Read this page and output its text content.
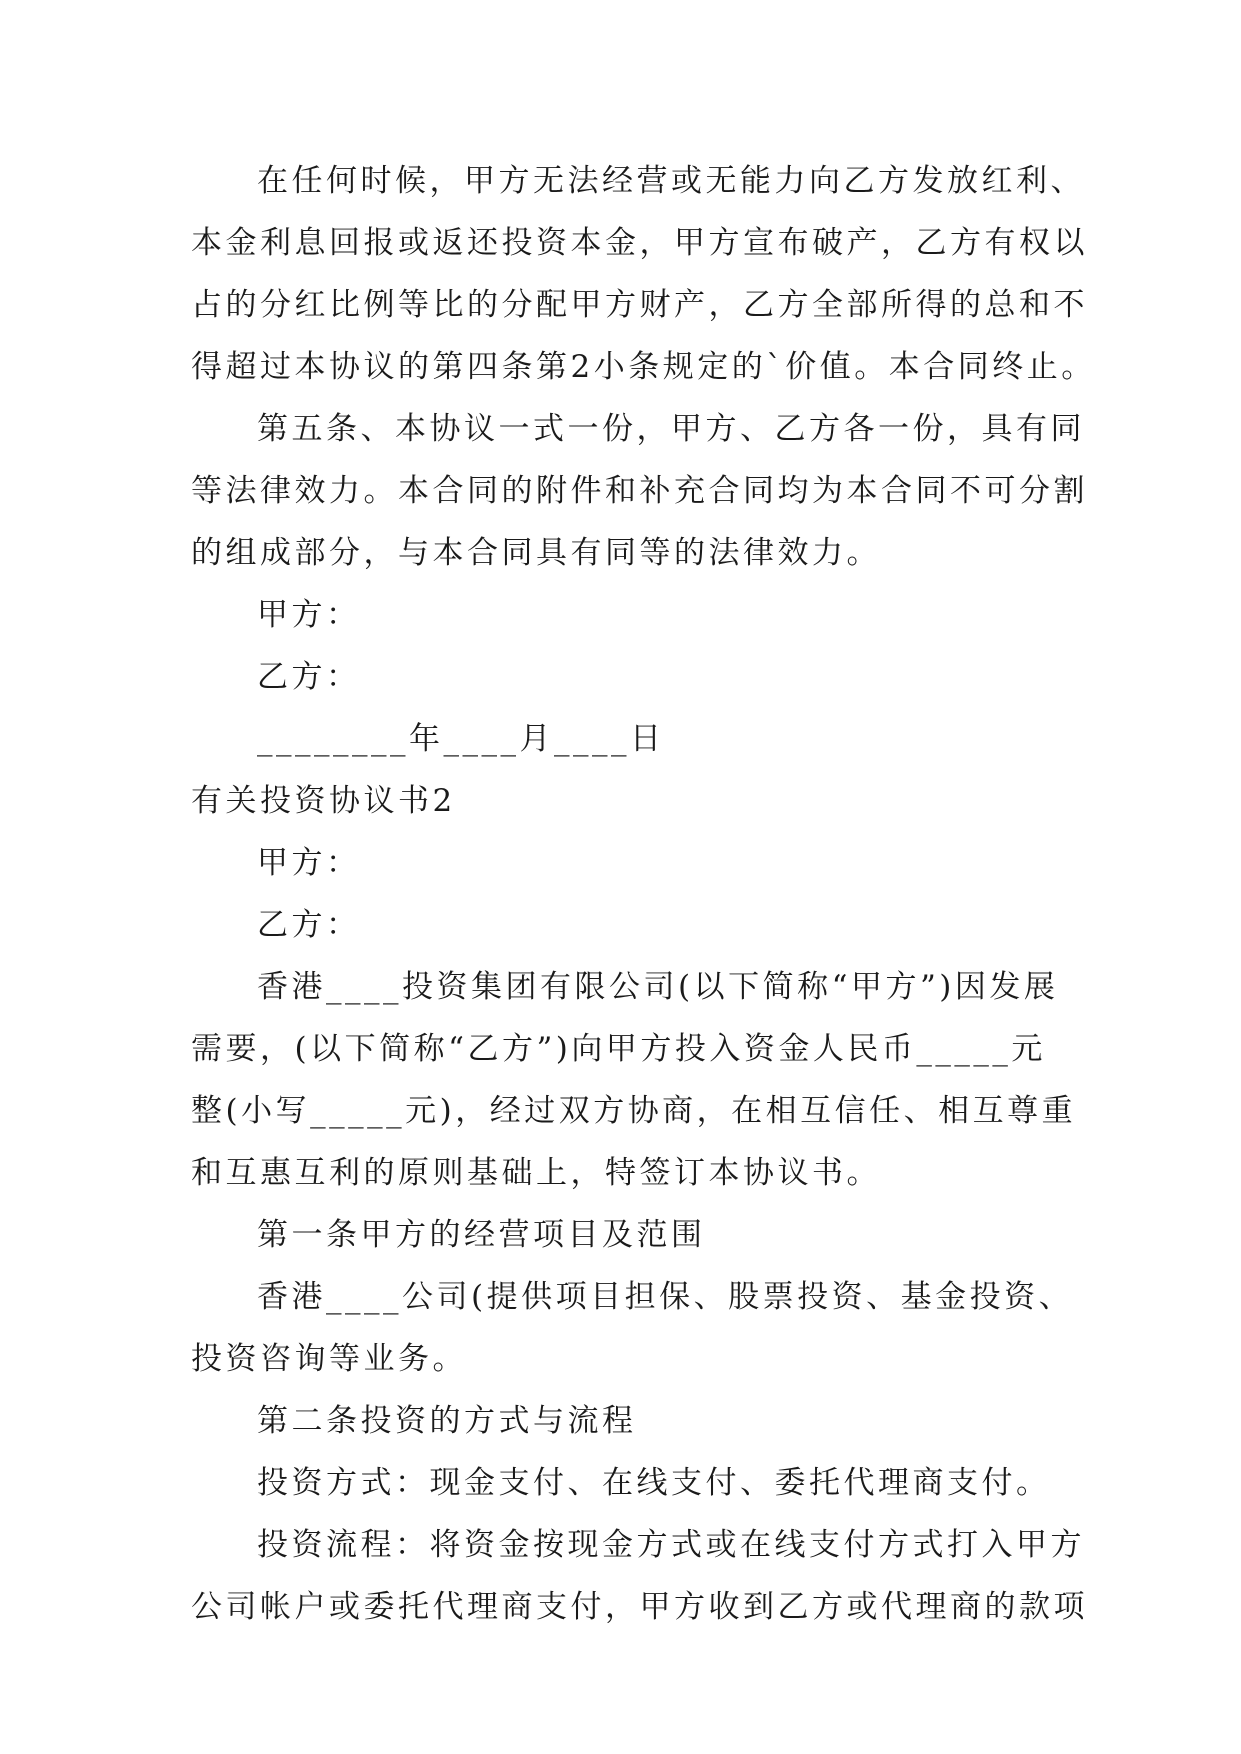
在任何时候，甲方无法经营或无能力向乙方发放红利、
本金利息回报或返还投资本金，甲方宣布破产，乙方有权以
占的分红比例等比的分配甲方财产，乙方全部所得的总和不
得超过本协议的第四条第2小条规定的`价值。本合同终止。
第五条、本协议一式一份，甲方、乙方各一份，具有同
等法律效力。本合同的附件和补充合同均为本合同不可分割
的组成部分，与本合同具有同等的法律效力。
甲方：
乙方：
________年____月____日
有关投资协议书2
甲方：
乙方：
香港____投资集团有限公司(以下简称“甲方”)因发展
需要，(以下简称“乙方”)向甲方投入资金人民币_____元
整(小写_____元)，经过双方协商，在相互信任、相互尊重
和互惠互利的原则基础上，特签订本协议书。
第一条甲方的经营项目及范围
香港____公司(提供项目担保、股票投资、基金投资、
投资咨询等业务。
第二条投资的方式与流程
投资方式：现金支付、在线支付、委托代理商支付。
投资流程：将资金按现金方式或在线支付方式打入甲方
公司帐户或委托代理商支付，甲方收到乙方或代理商的款项
